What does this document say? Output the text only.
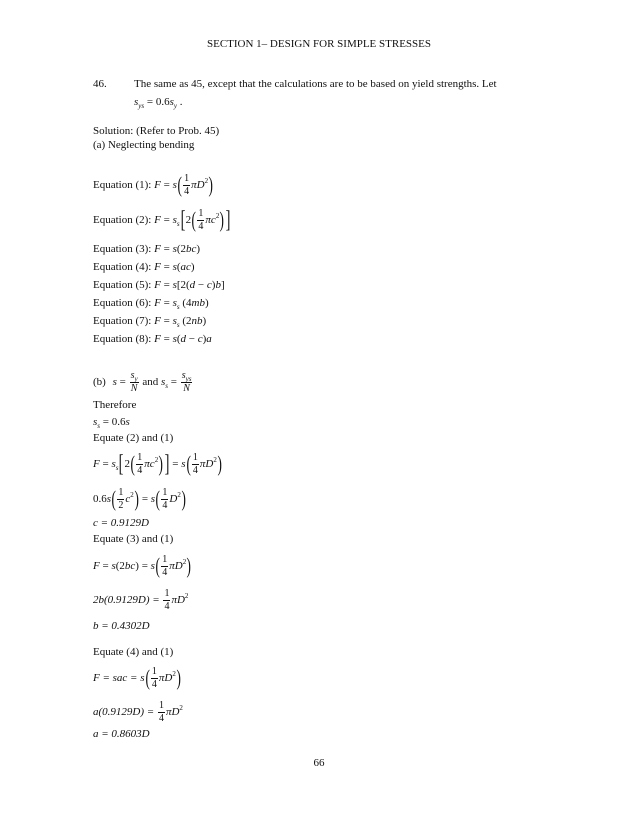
SECTION 1– DESIGN FOR SIMPLE STRESSES
46. The same as 45, except that the calculations are to be based on yield strengths. Let
$s_{ys} = 0.6s_y$ .
Solution: (Refer to Prob. 45)
(a) Neglecting bending
Equation (1): $F = s( \frac{1}{4} \pi D^2)$
Equation (2): $F = s_s[2( \frac{1}{4} \pi c^2)]$
Equation (3): F = s(2bc)
Equation (4): F = s(ac)
Equation (5): F = s[2(d − c)b]
Equation (6): $F = s_s$ (4mb)
Equation (7): $F = s_s$ (2nb)
Equation (8): F = s(d − c)a
(b) $s = \frac{s_y}{N}$ and $s_s = \frac{s_{ys}}{N}$
Therefore
$s_s = 0.6s$
Equate (2) and (1)
$F = s_s[2( \frac{1}{4} \pi c^2)] = s( \frac{1}{4} \pi D^2)$
$0.6s( \frac{1}{2} c^2) = s( \frac{1}{4} D^2)$
c = 0.9129D
Equate (3) and (1)
$F = s(2bc) = s( \frac{1}{4} \pi D^2)$
$2b(0.9129D) = \frac{1}{4} \pi D^2$
b = 0.4302D
Equate (4) and (1)
F = sac = $s( \frac{1}{4} \pi D^2)$
$a(0.9129D) = \frac{1}{4} \pi D^2$
a = 0.8603D
66
